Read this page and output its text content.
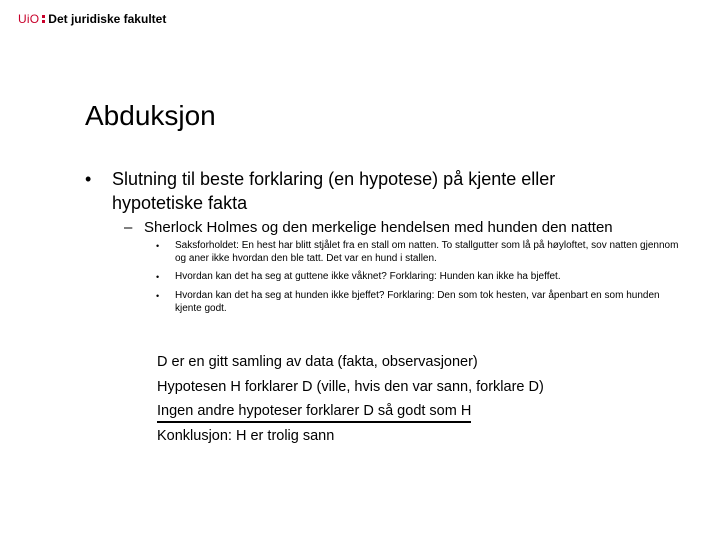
UiO Det juridiske fakultet
Abduksjon
• Slutning til beste forklaring (en hypotese) på kjente eller hypotetiske fakta
– Sherlock Holmes og den merkelige hendelsen med hunden den natten
• Saksforholdet: En hest har blitt stjålet fra en stall om natten. To stallgutter som lå på høyloftet, sov natten gjennom og aner ikke hvordan den ble tatt. Det var en hund i stallen.
• Hvordan kan det ha seg at guttene ikke våknet? Forklaring: Hunden kan ikke ha bjeffet.
• Hvordan kan det ha seg at hunden ikke bjeffet? Forklaring: Den som tok hesten, var åpenbart en som hunden kjente godt.
D er en gitt samling av data (fakta, observasjoner)
Hypotesen H forklarer D (ville, hvis den var sann, forklare D)
Ingen andre hypoteser forklarer D så godt som H
Konklusjon: H er trolig sann
